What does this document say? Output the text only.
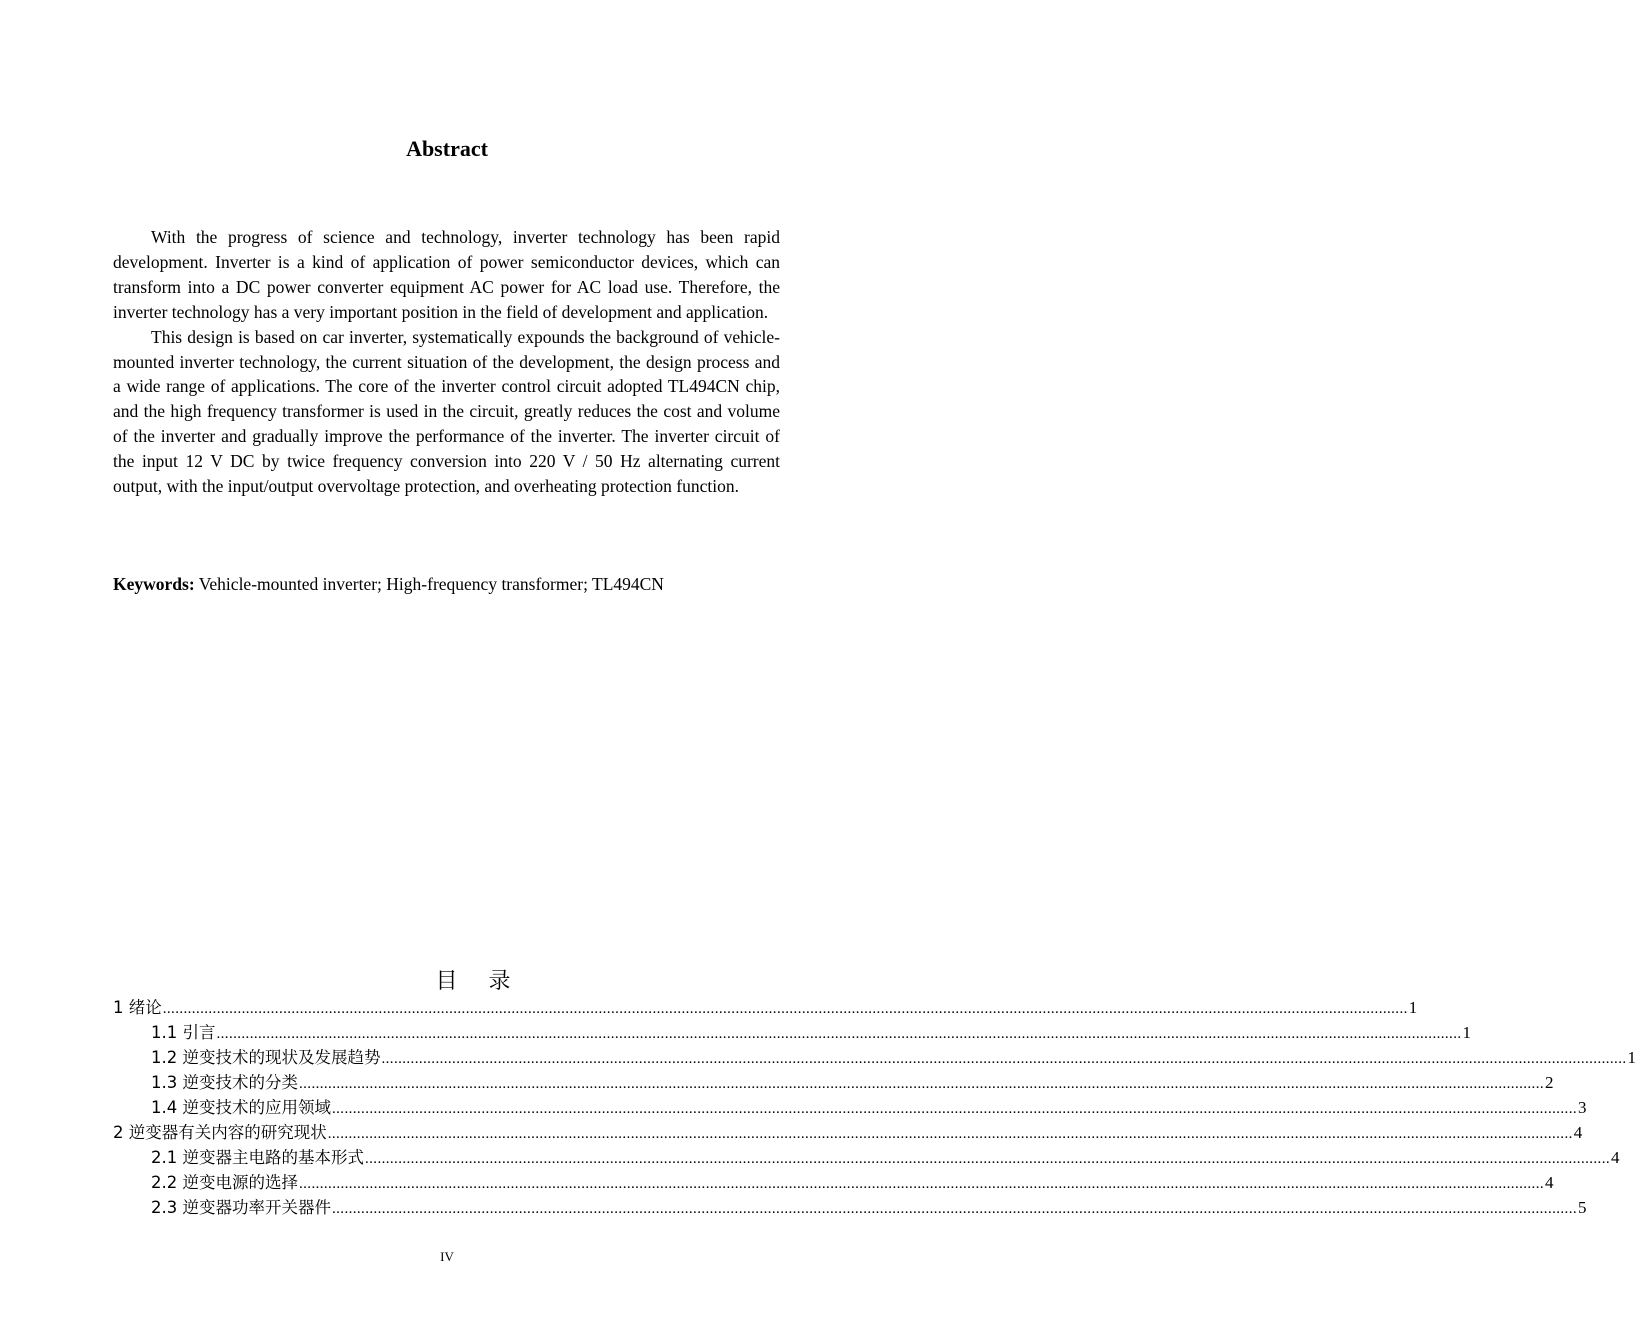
Abstract

With the progress of science and technology, inverter technology has been rapid development. Inverter is a kind of application of power semiconductor devices, which can transform into a DC power converter equipment AC power for AC load use. Therefore, the inverter technology has a very important position in the field of development and application.

This design is based on car inverter, systematically expounds the background of vehicle-mounted inverter technology, the current situation of the development, the design process and a wide range of applications. The core of the inverter control circuit adopted TL494CN chip, and the high frequency transformer is used in the circuit, greatly reduces the cost and volume of the inverter and gradually improve the performance of the inverter. The inverter circuit of the input 12 V DC by twice frequency conversion into 220 V / 50 Hz alternating current output, with the input/output overvoltage protection, and overheating protection function.

Keywords: Vehicle-mounted inverter; High-frequency transformer; TL494CN
目 录
1 绪论 ............................................................................................................................................................................................................................................................................................................ 1
1.1 引言 ............................................................................................................................................................................................................................................................................................................ 1
1.2 逆变技术的现状及发展趋势 ............................................................................................................................................................................................................................................................................................................ 1
1.3 逆变技术的分类 ............................................................................................................................................................................................................................................................................................................ 2
1.4 逆变技术的应用领域 ............................................................................................................................................................................................................................................................................................................ 3
2 逆变器有关内容的研究现状 ............................................................................................................................................................................................................................................................................................................ 4
2.1 逆变器主电路的基本形式 ............................................................................................................................................................................................................................................................................................................ 4
2.2 逆变电源的选择 ............................................................................................................................................................................................................................................................................................................ 4
2.3 逆变器功率开关器件 ............................................................................................................................................................................................................................................................................................................ 5
IV
